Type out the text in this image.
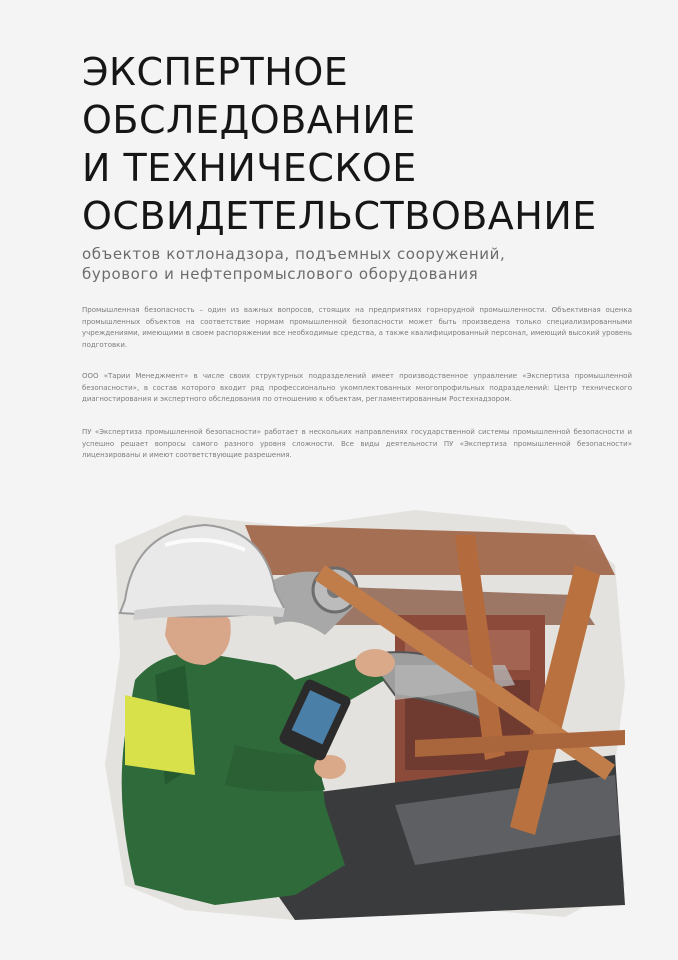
ЭКСПЕРТНОЕ
ОБСЛЕДОВАНИЕ
И ТЕХНИЧЕСКОЕ
ОСВИДЕТЕЛЬСТВОВАНИЕ
объектов котлонадзора, подъемных сооружений,
бурового и нефтепромыслового оборудования

Промышленная безопасность – один из важных вопросов, стоящих на предприятиях горнорудной промышленности. Объективная оценка промышленных объектов на соответствие нормам промышленной безопасности может быть произведена только специализированными учреждениями, имеющими в своем распоряжении все необходимые средства, а также квалифицированный персонал, имеющий высокий уровень подготовки.

ООО «Тарии Менеджмент» в числе своих структурных подразделений имеет производственное управление «Экспертиза промышленной безопасности», в состав которого входит ряд профессионально укомплектованных многопрофильных подразделений: Центр технического диагностирования и экспертного обследования по отношению к объектам, регламентированным Ростехнадзором.

ПУ «Экспертиза промышленной безопасности» работает в нескольких направлениях государственной системы промышленной безопасности и успешно решает вопросы самого разного уровня сложности. Все виды деятельности ПУ «Экспертиза промышленной безопасности» лицензированы и имеют соответствующие разрешения.
